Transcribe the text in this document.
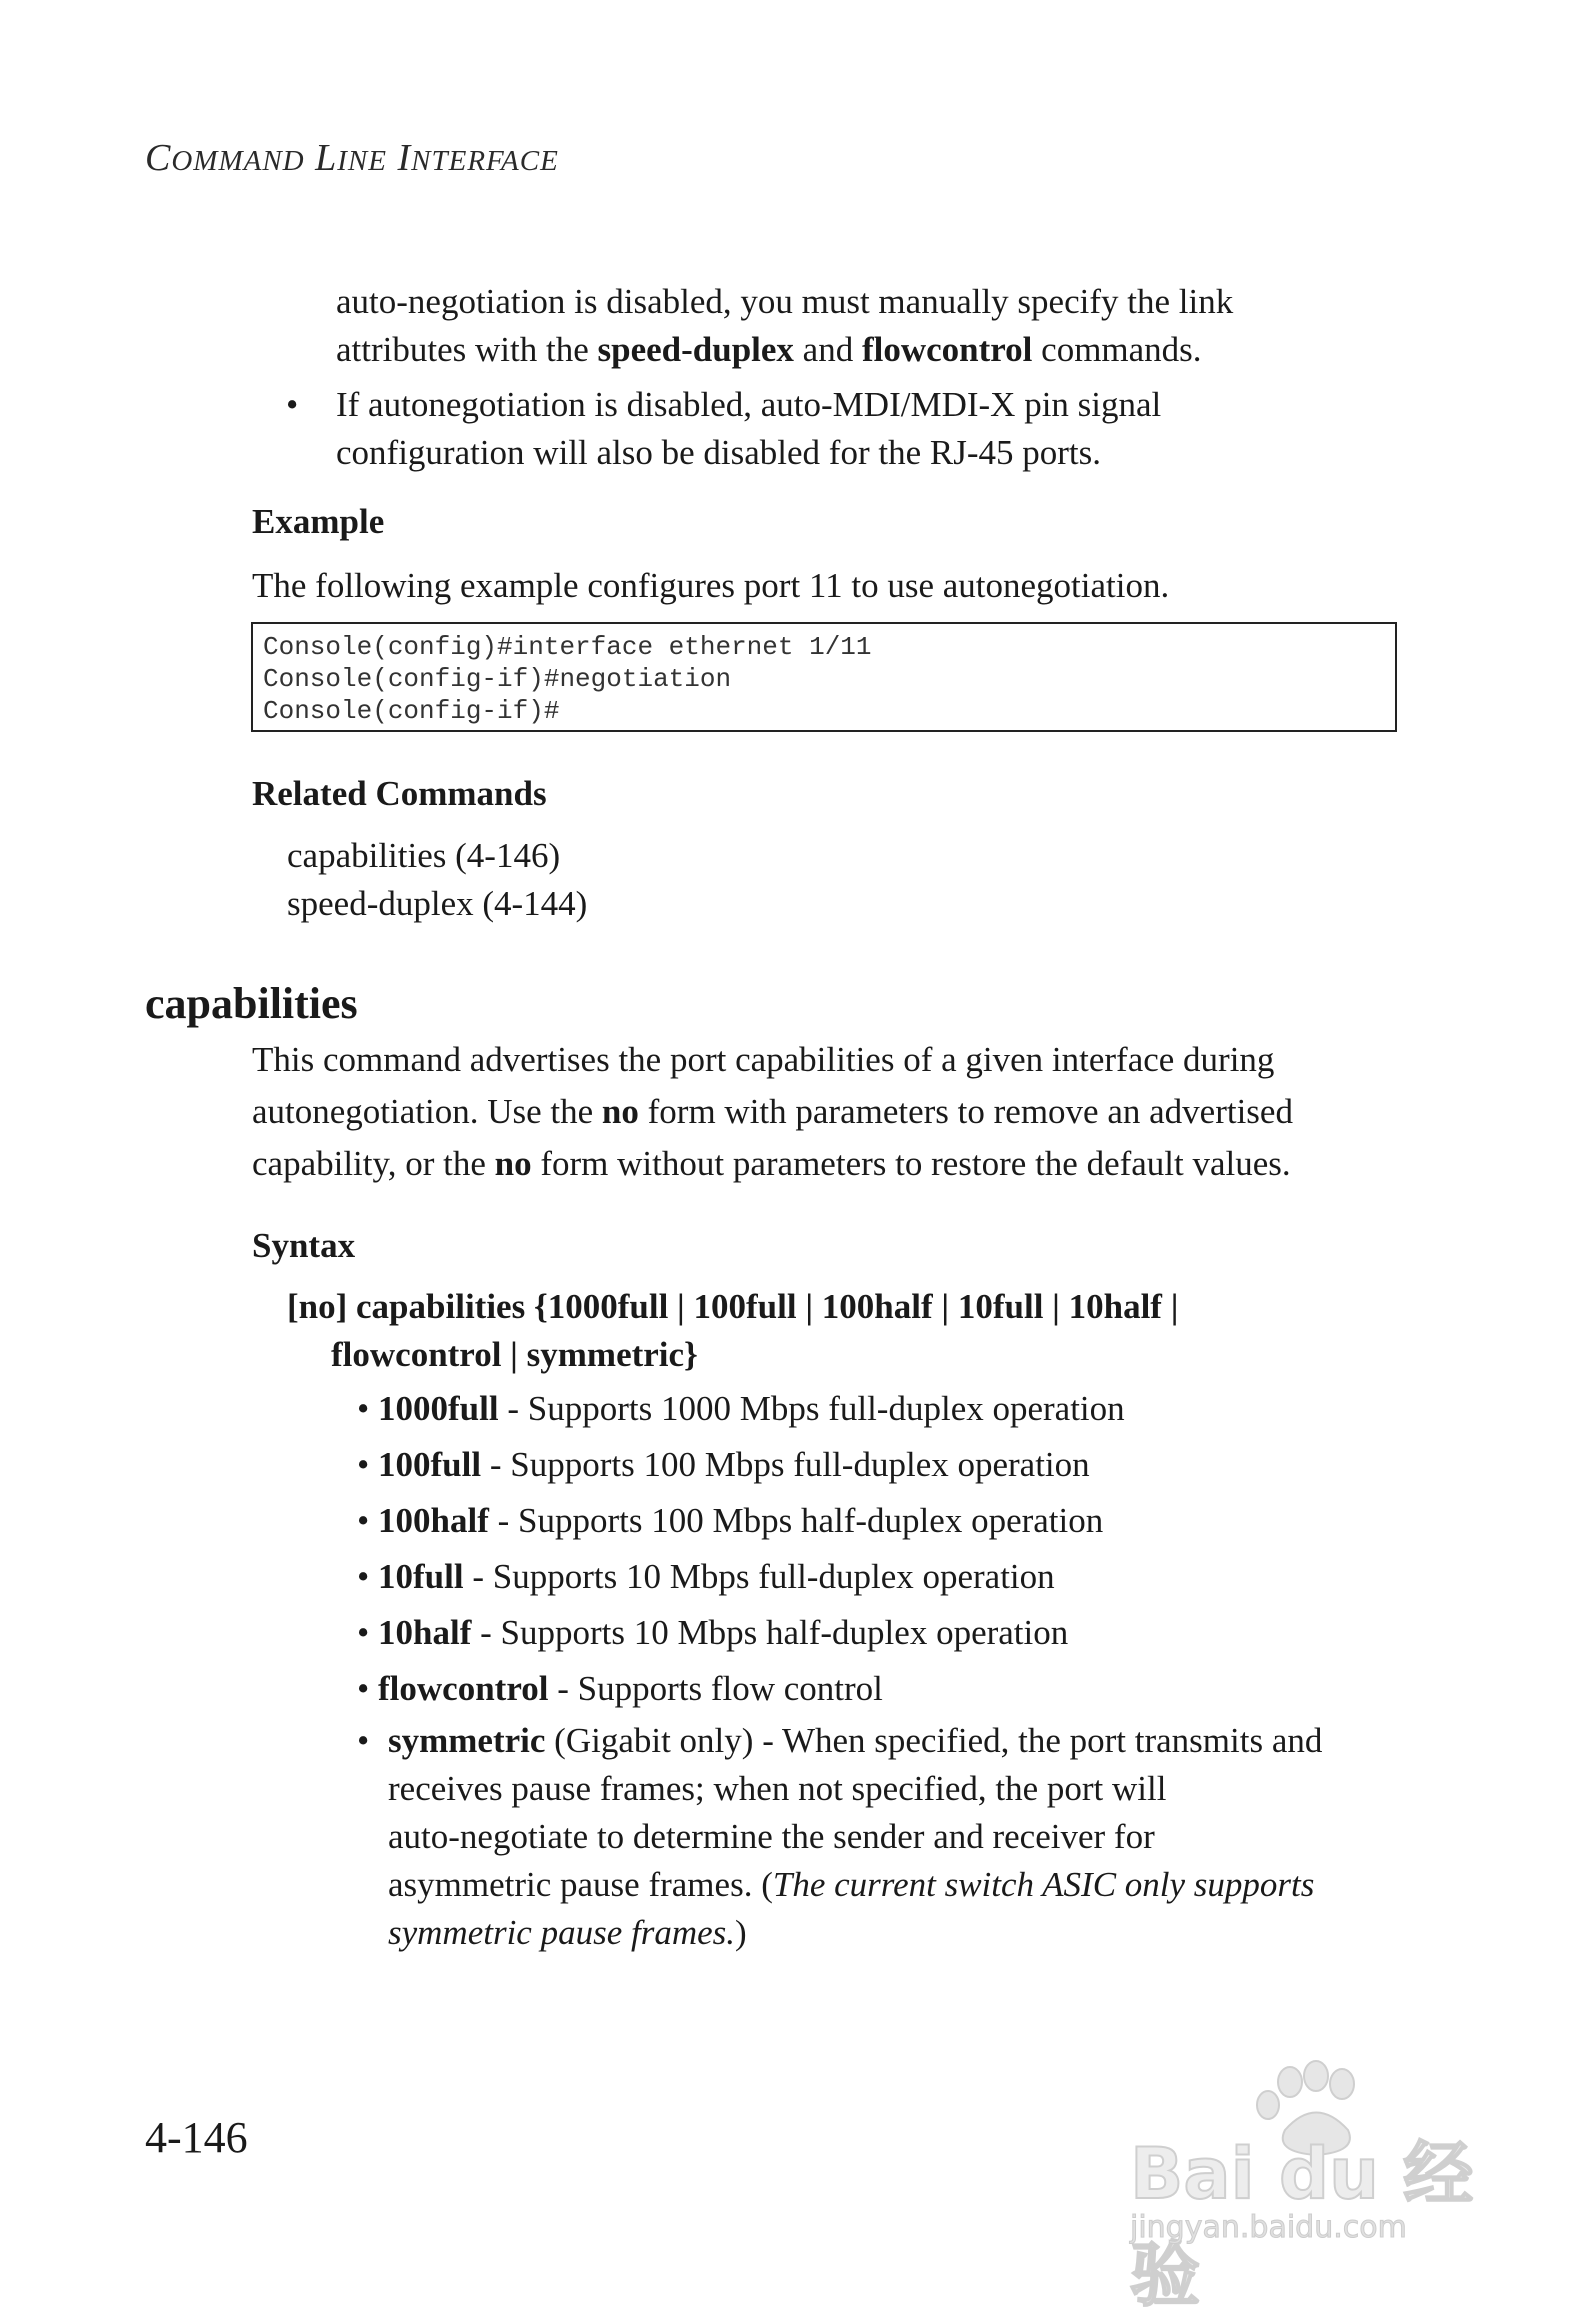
COMMAND LINE INTERFACE
auto-negotiation is disabled, you must manually specify the link
attributes with the speed-duplex and flowcontrol commands.
• If autonegotiation is disabled, auto-MDI/MDI-X pin signal
configuration will also be disabled for the RJ-45 ports.
Example
The following example configures port 11 to use autonegotiation.
Console(config)#interface ethernet 1/11
Console(config-if)#negotiation
Console(config-if)#
Related Commands
capabilities (4-146)
speed-duplex (4-144)
capabilities
This command advertises the port capabilities of a given interface during
autonegotiation. Use the no form with parameters to remove an advertised
capability, or the no form without parameters to restore the default values.
Syntax
[no] capabilities {1000full | 100full | 100half | 10full | 10half |
flowcontrol | symmetric}
• 1000full - Supports 1000 Mbps full-duplex operation
• 100full - Supports 100 Mbps full-duplex operation
• 100half - Supports 100 Mbps half-duplex operation
• 10full - Supports 10 Mbps full-duplex operation
• 10half - Supports 10 Mbps half-duplex operation
• flowcontrol - Supports flow control
• symmetric (Gigabit only) - When specified, the port transmits and
receives pause frames; when not specified, the port will
auto-negotiate to determine the sender and receiver for
asymmetric pause frames. (The current switch ASIC only supports
symmetric pause frames.)
4-146	Bai du 经验
jingyan.baidu.com
